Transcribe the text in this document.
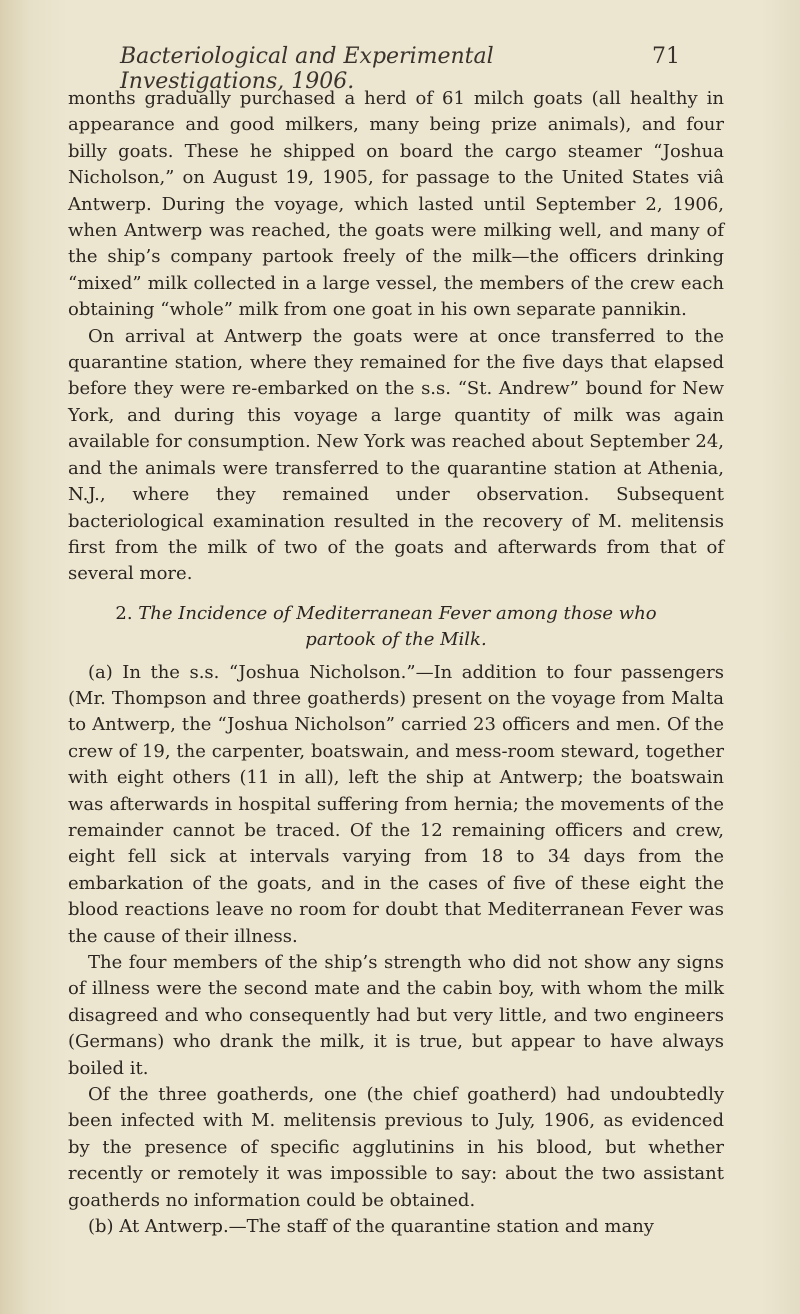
Bacteriological and Experimental Investigations, 1906.
71

months gradually purchased a herd of 61 milch goats (all healthy in appearance and good milkers, many being prize animals), and four billy goats. These he shipped on board the cargo steamer “Joshua Nicholson,” on August 19, 1905, for passage to the United States viâ Antwerp. During the voyage, which lasted until September 2, 1906, when Antwerp was reached, the goats were milking well, and many of the ship’s company partook freely of the milk—the officers drinking “mixed” milk collected in a large vessel, the members of the crew each obtaining “whole” milk from one goat in his own separate pannikin.

On arrival at Antwerp the goats were at once transferred to the quarantine station, where they remained for the five days that elapsed before they were re-embarked on the s.s. “St. Andrew” bound for New York, and during this voyage a large quantity of milk was again available for consumption. New York was reached about September 24, and the animals were transferred to the quarantine station at Athenia, N.J., where they remained under observation. Subsequent bacteriological examination resulted in the recovery of M. melitensis first from the milk of two of the goats and afterwards from that of several more.

2. The Incidence of Mediterranean Fever among those who partook of the Milk.

(a) In the s.s. “Joshua Nicholson.”—In addition to four passengers (Mr. Thompson and three goatherds) present on the voyage from Malta to Antwerp, the “Joshua Nicholson” carried 23 officers and men. Of the crew of 19, the carpenter, boatswain, and mess-room steward, together with eight others (11 in all), left the ship at Antwerp; the boatswain was afterwards in hospital suffering from hernia; the movements of the remainder cannot be traced. Of the 12 remaining officers and crew, eight fell sick at intervals varying from 18 to 34 days from the embarkation of the goats, and in the cases of five of these eight the blood reactions leave no room for doubt that Mediterranean Fever was the cause of their illness.

The four members of the ship’s strength who did not show any signs of illness were the second mate and the cabin boy, with whom the milk disagreed and who consequently had but very little, and two engineers (Germans) who drank the milk, it is true, but appear to have always boiled it.

Of the three goatherds, one (the chief goatherd) had undoubtedly been infected with M. melitensis previous to July, 1906, as evidenced by the presence of specific agglutinins in his blood, but whether recently or remotely it was impossible to say: about the two assistant goatherds no information could be obtained.

(b) At Antwerp.—The staff of the quarantine station and many
